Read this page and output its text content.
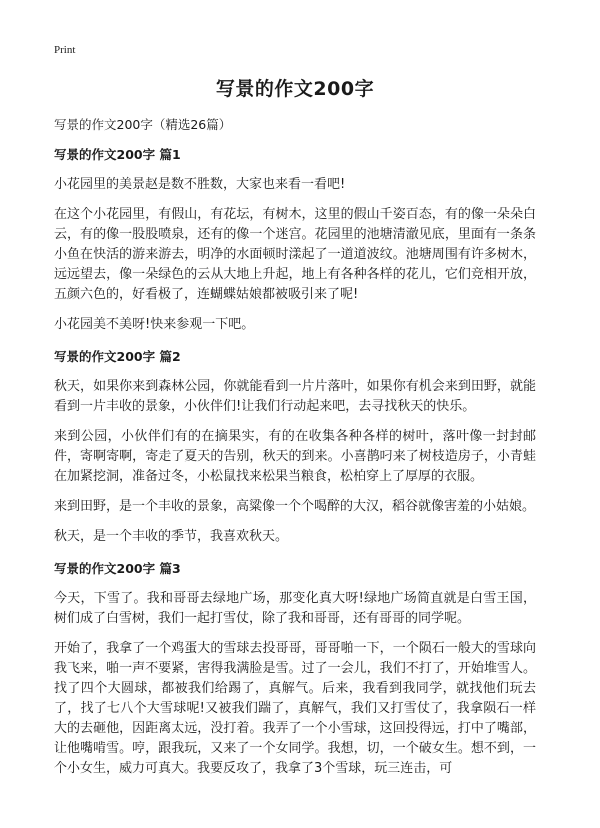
Print
写景的作文200字
写景的作文200字（精选26篇）
写景的作文200字 篇1

小花园里的美景赵是数不胜数，大家也来看一看吧!

在这个小花园里，有假山，有花坛，有树木，这里的假山千姿百态，有的像一朵朵白云，有的像一股股喷泉，还有的像一个迷宫。花园里的池塘清澈见底，里面有一条条小鱼在快活的游来游去，明净的水面顿时漾起了一道道波纹。池塘周围有许多树木，远远望去，像一朵绿色的云从大地上升起，地上有各种各样的花儿，它们竞相开放，五颜六色的，好看极了，连蝴蝶姑娘都被吸引来了呢!

小花园美不美呀!快来参观一下吧。

写景的作文200字 篇2

秋天，如果你来到森林公园，你就能看到一片片落叶，如果你有机会来到田野，就能看到一片丰收的景象，小伙伴们!让我们行动起来吧，去寻找秋天的快乐。

来到公园，小伙伴们有的在摘果实，有的在收集各种各样的树叶，落叶像一封封邮件，寄啊寄啊，寄走了夏天的告别，秋天的到来。小喜鹊叼来了树枝造房子，小青蛙在加紧挖洞，准备过冬，小松鼠找来松果当粮食，松柏穿上了厚厚的衣服。

来到田野，是一个丰收的景象，高粱像一个个喝醉的大汉，稻谷就像害羞的小姑娘。

秋天，是一个丰收的季节，我喜欢秋天。

写景的作文200字 篇3

今天，下雪了。我和哥哥去绿地广场，那变化真大呀!绿地广场简直就是白雪王国，树们成了白雪树，我们一起打雪仗，除了我和哥哥，还有哥哥的同学呢。

开始了，我拿了一个鸡蛋大的雪球去投哥哥，哥哥啪一下，一个陨石一般大的雪球向我飞来，啪一声不要紧，害得我满脸是雪。过了一会儿，我们不打了，开始堆雪人。找了四个大圆球，都被我们给踢了，真解气。后来，我看到我同学，就找他们玩去了，找了七八个大雪球呢!又被我们踹了，真解气，我们又打雪仗了，我拿陨石一样大的去砸他，因距离太远，没打着。我弄了一个小雪球，这回投得远，打中了嘴部，让他嘴啃雪。哼，跟我玩，又来了一个女同学。我想，切，一个破女生。想不到，一个小女生，威力可真大。我要反攻了，我拿了3个雪球，玩三连击，可
